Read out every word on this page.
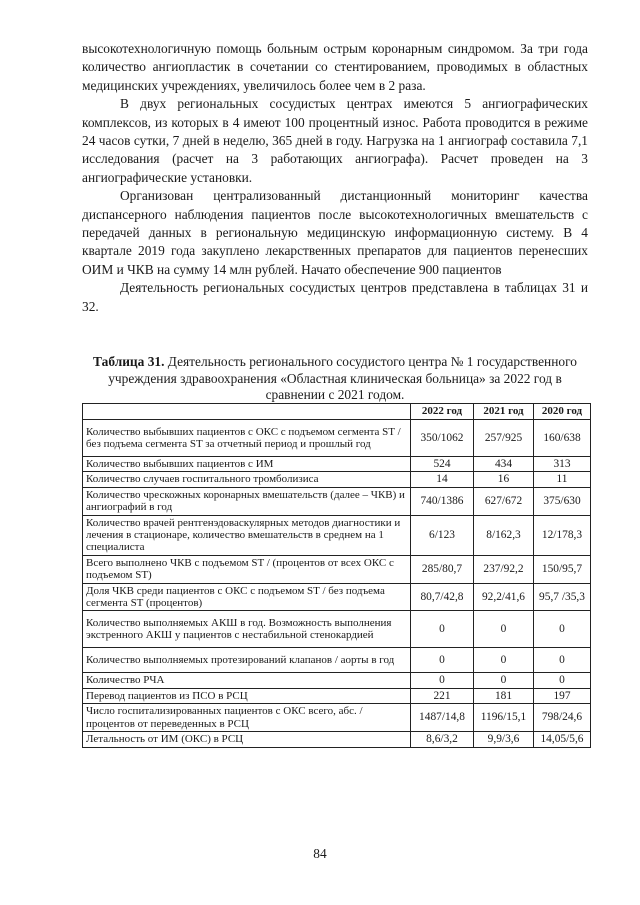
высокотехнологичную помощь больным острым коронарным синдромом. За три года количество ангиопластик в сочетании со стентированием, проводимых в областных медицинских учреждениях, увеличилось более чем в 2 раза.

В двух региональных сосудистых центрах имеются 5 ангиографических комплексов, из которых в 4 имеют 100 процентный износ. Работа проводится в режиме 24 часов сутки, 7 дней в неделю, 365 дней в году. Нагрузка на 1 ангиограф составила 7,1 исследования (расчет на 3 работающих ангиографа). Расчет проведен на 3 ангиографические установки.

Организован централизованный дистанционный мониторинг качества диспансерного наблюдения пациентов после высокотехнологичных вмешательств с передачей данных в региональную медицинскую информационную систему. В 4 квартале 2019 года закуплено лекарственных препаратов для пациентов перенесших ОИМ и ЧКВ на сумму 14 млн рублей. Начато обеспечение 900 пациентов

Деятельность региональных сосудистых центров представлена в таблицах 31 и 32.

Таблица 31. Деятельность регионального сосудистого центра № 1 государственного учреждения здравоохранения «Областная клиническая больница» за 2022 год в сравнении с 2021 годом.
	2022 год	2021 год	2020 год
Количество выбывших пациентов с ОКС с подъемом сегмента ST / без подъема сегмента ST за отчетный период и прошлый год	350/1062	257/925	160/638
Количество выбывших пациентов с ИМ	524	434	313
Количество случаев госпитального тромболизиса	14	16	11
Количество чрескожных коронарных вмешательств (далее – ЧКВ) и ангиографий в год	740/1386	627/672	375/630
Количество врачей рентгенэдоваскулярных методов диагностики и лечения в стационаре, количество вмешательств в среднем на 1 специалиста	6/123	8/162,3	12/178,3
Всего выполнено ЧКВ с подъемом ST / (процентов от всех ОКС с подъемом ST)	285/80,7	237/92,2	150/95,7
Доля ЧКВ среди пациентов с ОКС с подъемом ST / без подъема сегмента ST (процентов)	80,7/42,8	92,2/41,6	95,7 /35,3
Количество выполняемых АКШ в год. Возможность выполнения экстренного АКШ у пациентов с нестабильной стенокардией	0	0	0
Количество выполняемых протезирований клапанов / аорты в год	0	0	0
Количество РЧА	0	0	0
Перевод пациентов из ПСО в РСЦ	221	181	197
Число госпитализированных пациентов с ОКС всего, абс. / процентов от переведенных в РСЦ	1487/14,8	1196/15,1	798/24,6
Летальность от ИМ (ОКС) в РСЦ	8,6/3,2	9,9/3,6	14,05/5,6
84
